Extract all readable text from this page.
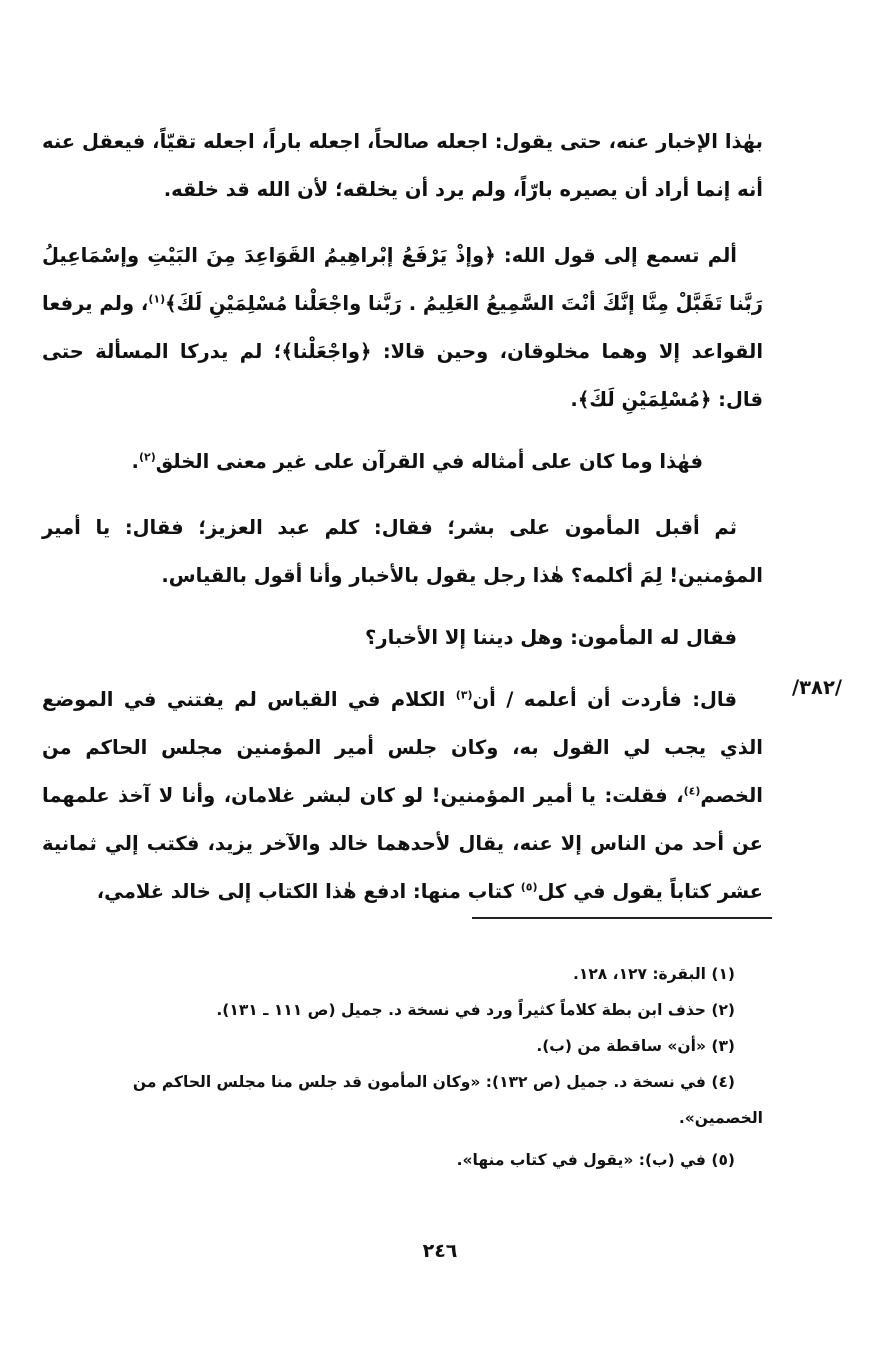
بهٰذا الإخبار عنه، حتى يقول: اجعله صالحاً، اجعله باراً، اجعله تقيّاً، فيعقل عنه أنه إنما أراد أن يصيره بارّاً، ولم يرد أن يخلقه؛ لأن الله قد خلقه.

ألم تسمع إلى قول الله: ﴿وإذْ يَرْفَعُ إبْراهِيمُ القَوَاعِدَ مِنَ البَيْتِ وإسْمَاعِيلُ رَبَّنا تَقَبَّلْ مِنَّا إنَّكَ أنْتَ السَّمِيعُ العَلِيمُ . رَبَّنا واجْعَلْنا مُسْلِمَيْنِ لَكَ﴾$^{(١)}$، ولم يرفعا القواعد إلا وهما مخلوقان، وحين قالا: ﴿واجْعَلْنا﴾؛ لم يدركا المسألة حتى قال: ﴿مُسْلِمَيْنِ لَكَ﴾.

فهٰذا وما كان على أمثاله في القرآن على غير معنى الخلق$^{(٢)}$.

ثم أقبل المأمون على بشر؛ فقال: كلم عبد العزيز؛ فقال: يا أمير المؤمنين! لِمَ أكلمه؟ هٰذا رجل يقول بالأخبار وأنا أقول بالقياس.

فقال له المأمون: وهل ديننا إلا الأخبار؟

قال: فأردت أن أعلمه / أن$^{(٣)}$ الكلام في القياس لم يفتني في الموضع الذي يجب لي القول به، وكان جلس أمير المؤمنين مجلس الحاكم من الخصم$^{(٤)}$، فقلت: يا أمير المؤمنين! لو كان لبشر غلامان، وأنا لا آخذ علمهما عن أحد من الناس إلا عنه، يقال لأحدهما خالد والآخر يزيد، فكتب إلي ثمانية عشر كتاباً يقول في كل$^{(٥)}$ كتاب منها: ادفع هٰذا الكتاب إلى خالد غلامي،

/٣٨٢/

(١) البقرة: ١٢٧، ١٢٨.

(٢) حذف ابن بطة كلاماً كثيراً ورد في نسخة د. جميل (ص ١١١ ـ ١٣١).

(٣) «أن» ساقطة من (ب).

(٤) في نسخة د. جميل (ص ١٣٢): «وكان المأمون قد جلس منا مجلس الحاكم من الخصمين».

(٥) في (ب): «يقول في كتاب منها».

٢٤٦
